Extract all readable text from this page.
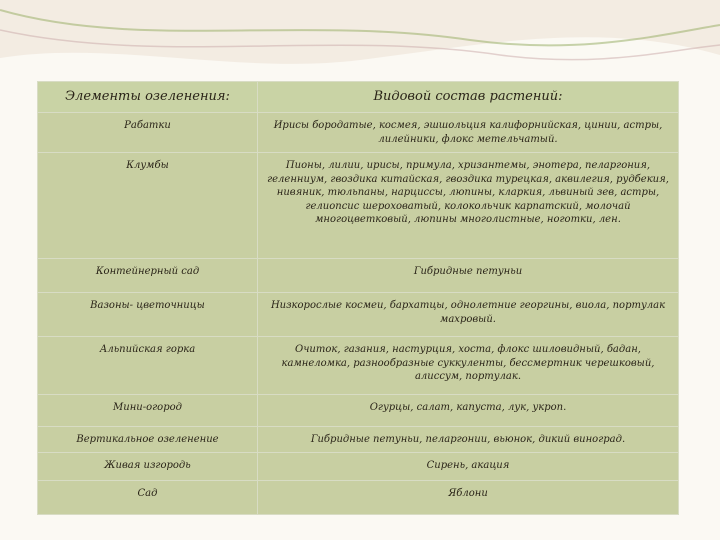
Элементы озеленения:	Видовой состав растений:
Рабатки	Ирисы бородатые, космея, эшшольция калифорнийская, цинии, астры, лилейники, флокс метельчатый.
Клумбы	Пионы, лилии, ирисы, примула, хризантемы, энотера, пеларгония, геленниум, гвоздика китайская, гвоздика турецкая, аквилегия, рудбекия, нивяник, тюльпаны, нарциссы, люпины, кларкия, львиный зев, астры, гелиопсис шероховатый, колокольчик карпатский, молочай многоцветковый, люпины многолистные, ноготки, лен.
Контейнерный сад	Гибридные петуньи
Вазоны- цветочницы	Низкорослые космеи, бархатцы, однолетние георгины, виола, портулак махровый.
Альпийская горка	Очиток, газания, настурция, хоста, флокс шиловидный, бадан, камнеломка, разнообразные суккуленты, бессмертник черешковый, алиссум, портулак.
Мини-огород	Огурцы, салат, капуста, лук, укроп.
Вертикальное озеленение	Гибридные петуньи, пеларгонии, вьюнок, дикий виноград.
Живая изгородь	Сирень, акация
Сад	Яблони
